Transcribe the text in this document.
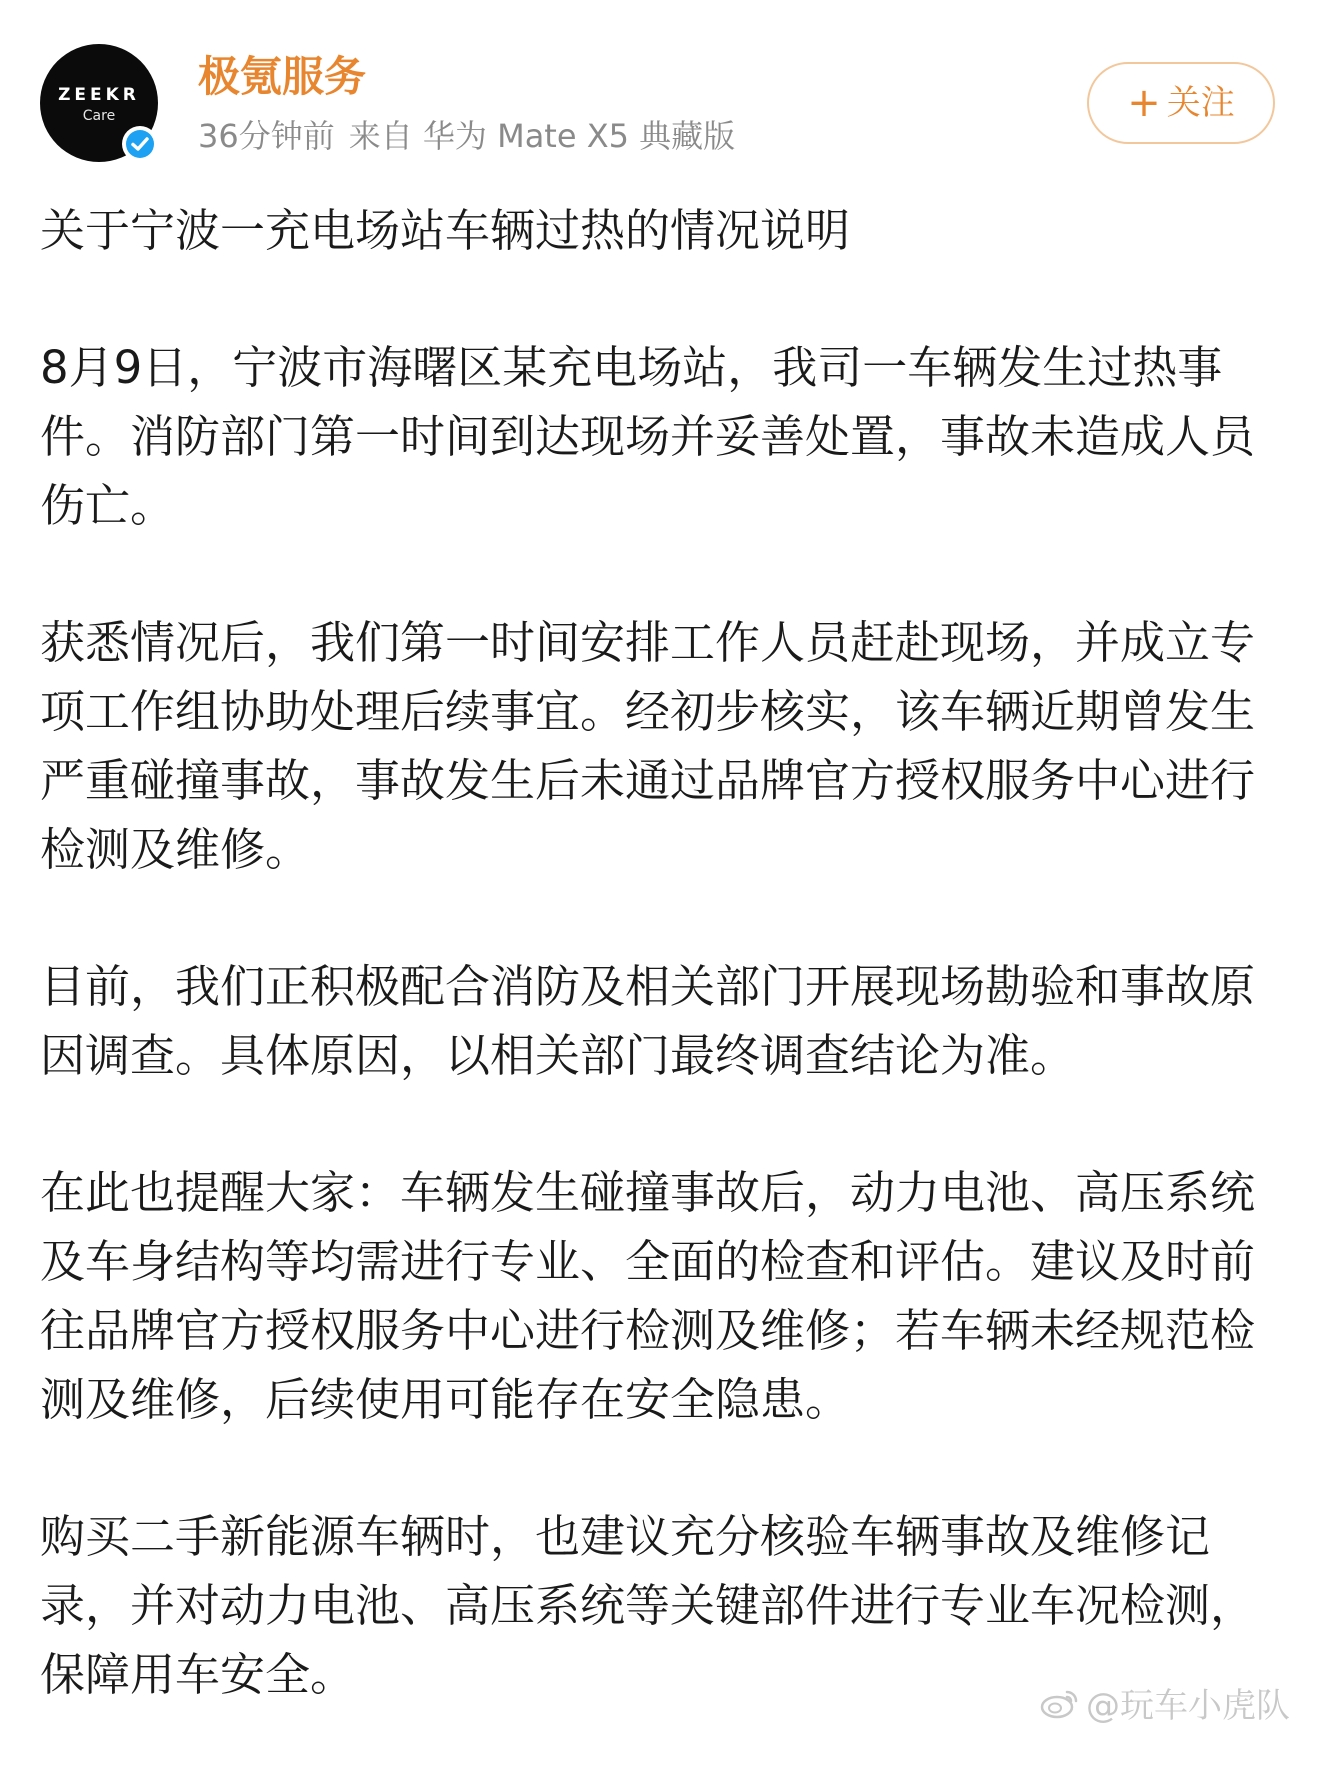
ZEEKR
Care
极氪服务
36分钟前 来自 华为 Mate X5 典藏版
+ 关注

关于宁波一充电场站车辆过热的情况说明

8月9日，宁波市海曙区某充电场站，我司一车辆发生过热事件。消防部门第一时间到达现场并妥善处置，事故未造成人员伤亡。

获悉情况后，我们第一时间安排工作人员赶赴现场，并成立专项工作组协助处理后续事宜。经初步核实，该车辆近期曾发生严重碰撞事故，事故发生后未通过品牌官方授权服务中心进行检测及维修。

目前，我们正积极配合消防及相关部门开展现场勘验和事故原因调查。具体原因，以相关部门最终调查结论为准。

在此也提醒大家：车辆发生碰撞事故后，动力电池、高压系统及车身结构等均需进行专业、全面的检查和评估。建议及时前往品牌官方授权服务中心进行检测及维修；若车辆未经规范检测及维修，后续使用可能存在安全隐患。

购买二手新能源车辆时，也建议充分核验车辆事故及维修记录，并对动力电池、高压系统等关键部件进行专业车况检测，保障用车安全。

@玩车小虎队
